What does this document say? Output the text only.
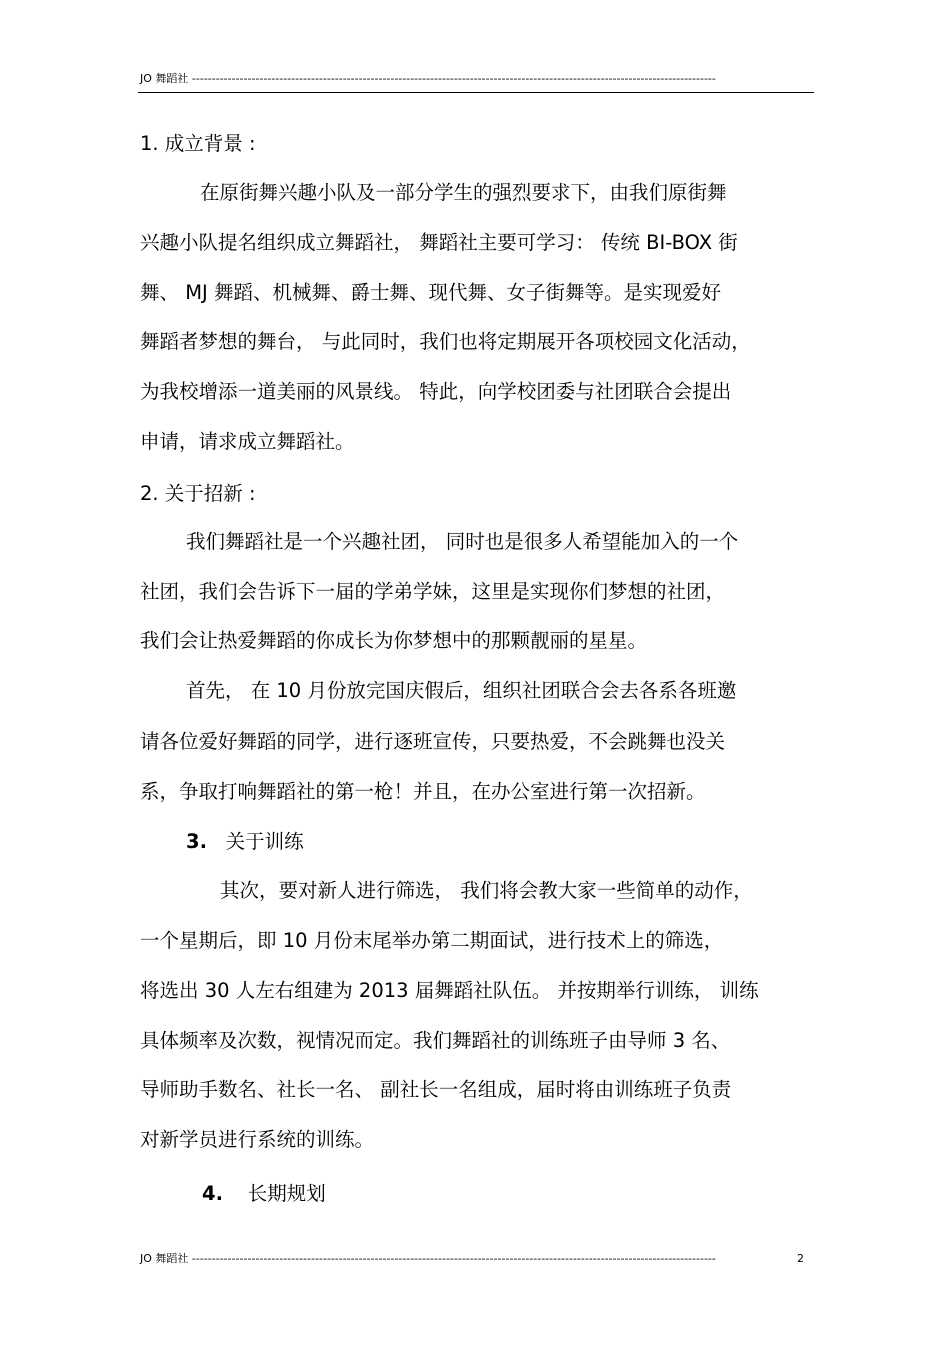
JO 舞蹈社 ------------------------------------------------------------------------------------------------------------------------------------
1. 成立背景 :
在原街舞兴趣小队及一部分学生的强烈要求下，由我们原街舞
兴趣小队提名组织成立舞蹈社， 舞蹈社主要可学习： 传统 BI-BOX 街
舞、 MJ 舞蹈、机械舞、爵士舞、现代舞、女子街舞等。是实现爱好
舞蹈者梦想的舞台， 与此同时，我们也将定期展开各项校园文化活动，
为我校增添一道美丽的风景线。 特此，向学校团委与社团联合会提出
申请，请求成立舞蹈社。
2. 关于招新 :
我们舞蹈社是一个兴趣社团， 同时也是很多人希望能加入的一个
社团，我们会告诉下一届的学弟学妹，这里是实现你们梦想的社团，
我们会让热爱舞蹈的你成长为你梦想中的那颗靓丽的星星。
首先， 在 10 月份放完国庆假后，组织社团联合会去各系各班邀
请各位爱好舞蹈的同学，进行逐班宣传，只要热爱，不会跳舞也没关
系，争取打响舞蹈社的第一枪！并且，在办公室进行第一次招新。
3. 关于训练
其次，要对新人进行筛选， 我们将会教大家一些简单的动作，
一个星期后，即 10 月份末尾举办第二期面试，进行技术上的筛选，
将选出 30 人左右组建为 2013 届舞蹈社队伍。 并按期举行训练， 训练
具体频率及次数，视情况而定。我们舞蹈社的训练班子由导师 3 名、
导师助手数名、社长一名、 副社长一名组成，届时将由训练班子负责
对新学员进行系统的训练。
4. 长期规划
JO 舞蹈社 ------------------------------------------------------------------------------------------------------------------------------------	2
